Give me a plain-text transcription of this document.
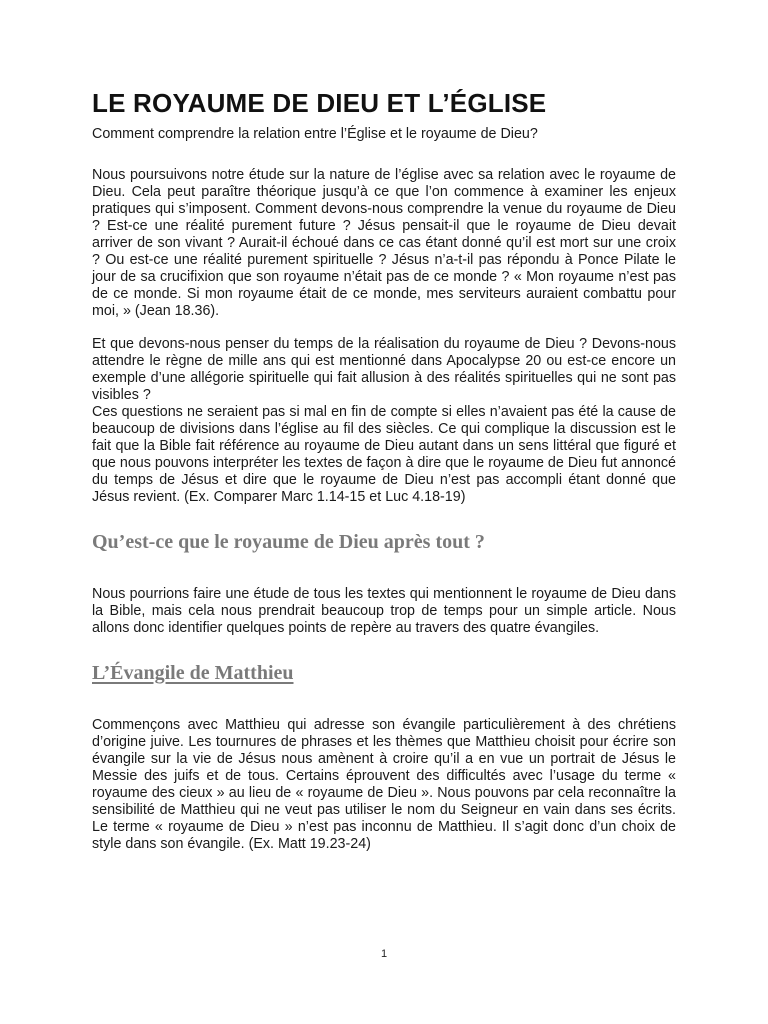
LE ROYAUME DE DIEU ET L’ÉGLISE
Comment comprendre la relation entre l’Église et le royaume de Dieu?

Nous poursuivons notre étude sur la nature de l’église avec sa relation avec le royaume de Dieu. Cela peut paraître théorique jusqu’à ce que l’on commence à examiner les enjeux pratiques qui s’imposent. Comment devons-nous comprendre la venue du royaume de Dieu ? Est-ce une réalité purement future ? Jésus pensait-il que le royaume de Dieu devait arriver de son vivant ? Aurait-il échoué dans ce cas étant donné qu’il est mort sur une croix ? Ou est-ce une réalité purement spirituelle ? Jésus n’a-t-il pas répondu à Ponce Pilate le jour de sa crucifixion que son royaume n’était pas de ce monde ? « Mon royaume n’est pas de ce monde. Si mon royaume était de ce monde, mes serviteurs auraient combattu pour moi, » (Jean 18.36).

Et que devons-nous penser du temps de la réalisation du royaume de Dieu ? Devons-nous attendre le règne de mille ans qui est mentionné dans Apocalypse 20 ou est-ce encore un exemple d’une allégorie spirituelle qui fait allusion à des réalités spirituelles qui ne sont pas visibles ?

Ces questions ne seraient pas si mal en fin de compte si elles n’avaient pas été la cause de beaucoup de divisions dans l’église au fil des siècles. Ce qui complique la discussion est le fait que la Bible fait référence au royaume de Dieu autant dans un sens littéral que figuré et que nous pouvons interpréter les textes de façon à dire que le royaume de Dieu fut annoncé du temps de Jésus et dire que le royaume de Dieu n’est pas accompli étant donné que Jésus revient. (Ex. Comparer Marc 1.14-15 et Luc 4.18-19)

Qu’est-ce que le royaume de Dieu après tout ?

Nous pourrions faire une étude de tous les textes qui mentionnent le royaume de Dieu dans la Bible, mais cela nous prendrait beaucoup trop de temps pour un simple article. Nous allons donc identifier quelques points de repère au travers des quatre évangiles.

L’Évangile de Matthieu

Commençons avec Matthieu qui adresse son évangile particulièrement à des chrétiens d’origine juive. Les tournures de phrases et les thèmes que Matthieu choisit pour écrire son évangile sur la vie de Jésus nous amènent à croire qu’il a en vue un portrait de Jésus le Messie des juifs et de tous. Certains éprouvent des difficultés avec l’usage du terme « royaume des cieux » au lieu de « royaume de Dieu ». Nous pouvons par cela reconnaître la sensibilité de Matthieu qui ne veut pas utiliser le nom du Seigneur en vain dans ses écrits. Le terme « royaume de Dieu » n’est pas inconnu de Matthieu. Il s’agit donc d’un choix de style dans son évangile. (Ex. Matt 19.23-24)

1
